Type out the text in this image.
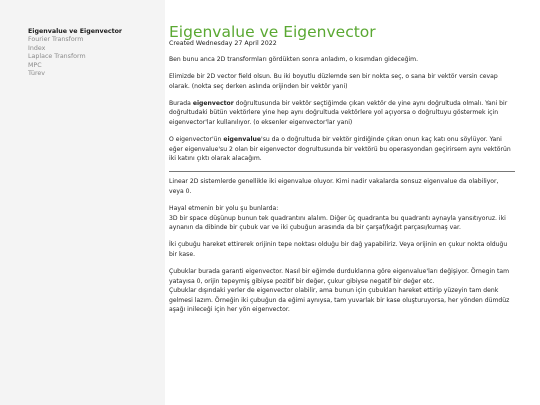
Eigenvalue ve Eigenvector
Fourier Transform
Index
Laplace Transform
MPC
Türev
Eigenvalue ve Eigenvector
Created Wednesday 27 April 2022

Ben bunu anca 2D transformları gördükten sonra anladım, o kısımdan gideceğim.

Elimizde bir 2D vector field olsun. Bu iki boyutlu düzlemde sen bir nokta seç, o sana bir vektör versin cevap olarak. (nokta seç derken aslında orijinden bir vektör yani)

Burada eigenvector doğrultusunda bir vektör seçtiğimde çıkan vektör de yine aynı doğrultuda olmalı. Yani bir doğrultudaki bütün vektörlere yine hep aynı doğrultuda vektörlere yol açıyorsa o doğrultuyu göstermek için eigenvector'lar kullanılıyor. (o eksenler eigenvector'lar yani)

O eigenvector'ün eigenvalue'su da o doğrultuda bir vektör girdiğinde çıkan onun kaç katı onu söylüyor. Yani eğer eigenvalue'su 2 olan bir eigenvector dogrultusunda bir vektörü bu operasyondan geçirirsem aynı vektörün iki katını çıktı olarak alacağım.

Linear 2D sistemlerde genellikle iki eigenvalue oluyor. Kimi nadir vakalarda sonsuz eigenvalue da olabiliyor, veya 0.

Hayal etmenin bir yolu şu bunlarda:
3D bir space düşünup bunun tek quadrantını alalım. Diğer üç quadranta bu quadrantı aynayla yansıtıyoruz. iki aynanın da dibinde bir çubuk var ve iki çubuğun arasında da bir çarşaf/kağıt parçası/kumaş var.

İki çubuğu hareket ettirerek orijinin tepe noktası olduğu bir dağ yapabiliriz. Veya orijinin en çukur nokta olduğu bir kase.

Çubuklar burada garanti eigenvector. Nasıl bir eğimde durduklarına göre eigenvalue'ları değişiyor. Örnegin tam yatayısa 0, orijin tepeymiş gibiyse pozitif bir değer, çukur gibiyse negatif bir değer etc.
Çubuklar dışındaki yerler de eigenvector olabilir, ama bunun için çubukları hareket ettirip yüzeyin tam denk gelmesi lazım. Örneğin iki çubuğun da eğimi aynıysa, tam yuvarlak bir kase oluşturuyorsa, her yönden dümdüz aşağı inileceği için her yön eigenvector.
